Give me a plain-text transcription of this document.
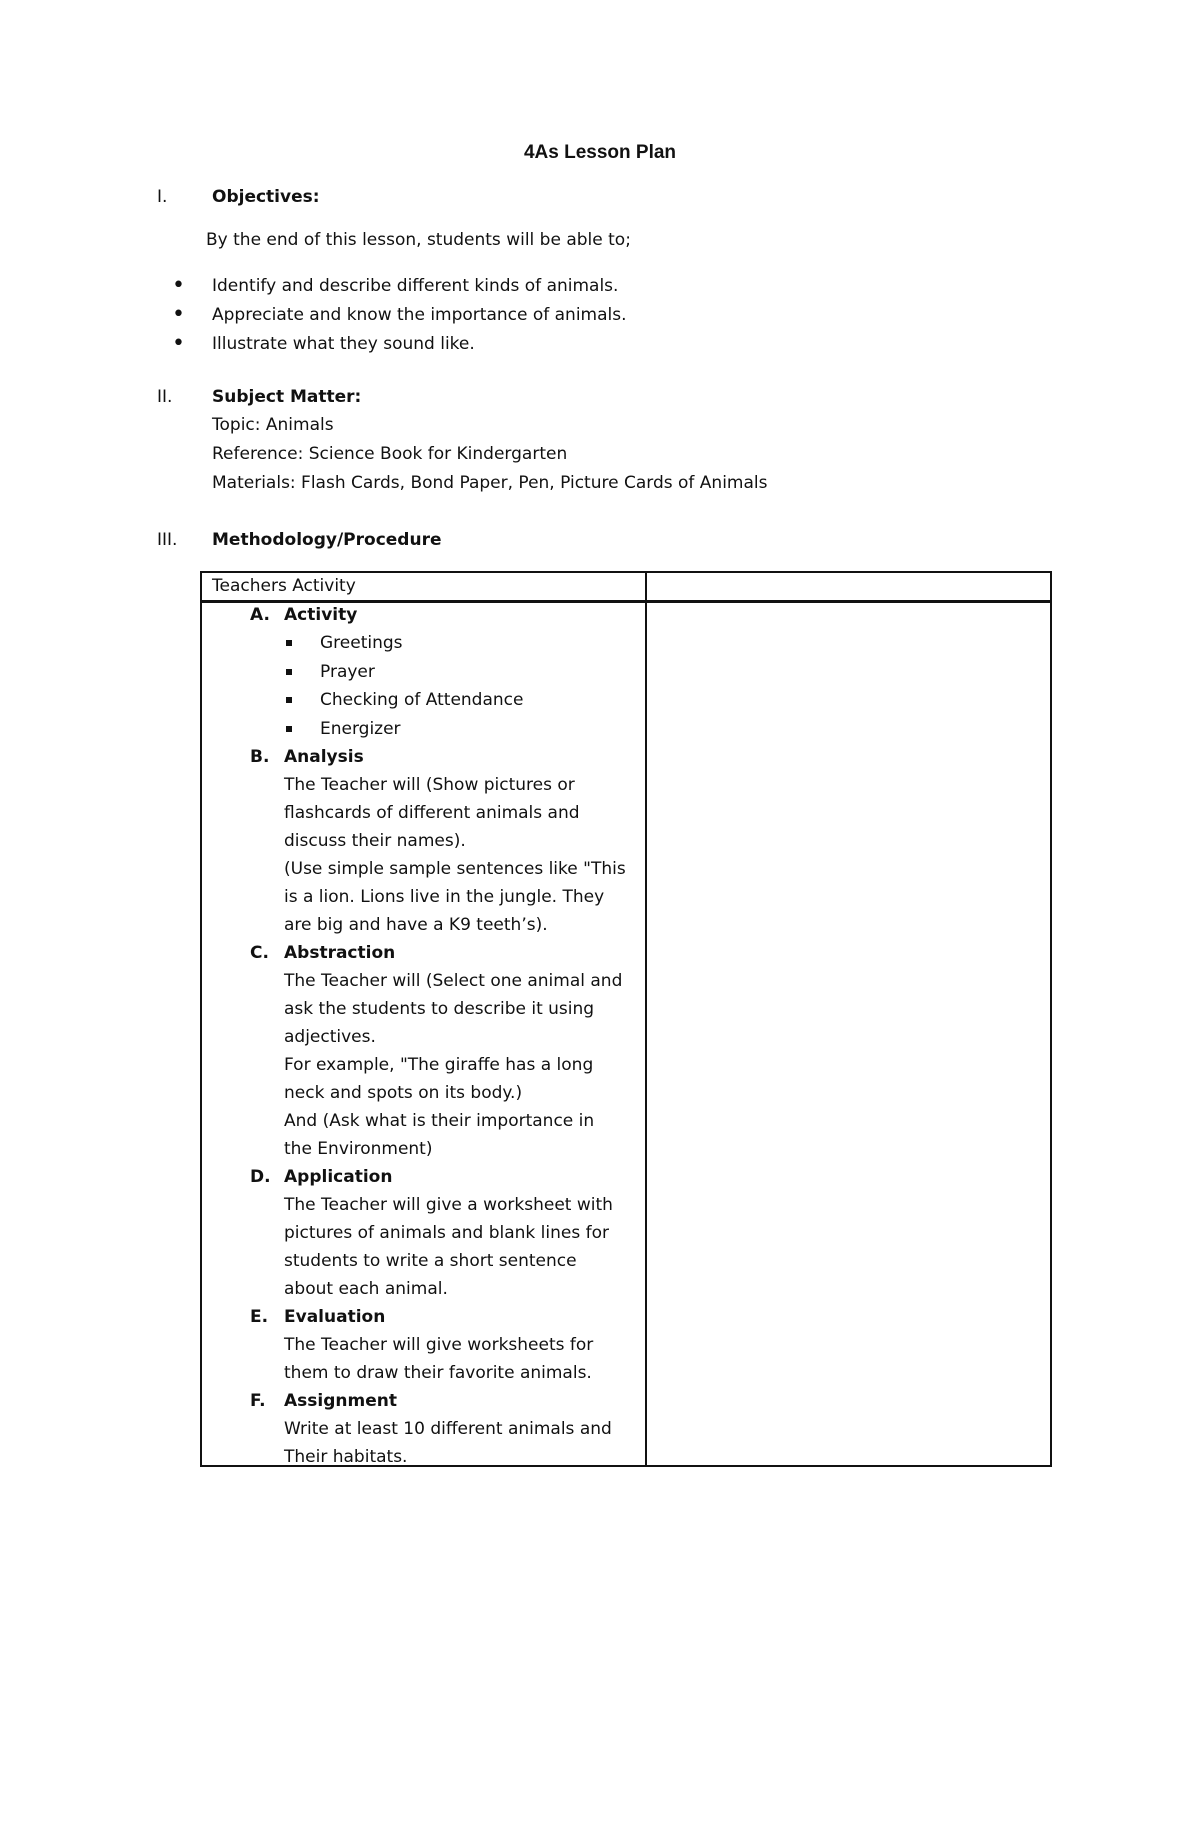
4As Lesson Plan
I.	Objectives:
By the end of this lesson, students will be able to;
• Identify and describe different kinds of animals.
• Appreciate and know the importance of animals.
• Illustrate what they sound like.
II. Subject Matter:
Topic: Animals
Reference: Science Book for Kindergarten
Materials: Flash Cards, Bond Paper, Pen, Picture Cards of Animals
III. Methodology/Procedure
Teachers Activity
A. Activity
Greetings
Prayer
Checking of Attendance
Energizer
B. Analysis
The Teacher will (Show pictures or
flashcards of different animals and
discuss their names).
(Use simple sample sentences like "This
is a lion. Lions live in the jungle. They
are big and have a K9 teeth’s).
C. Abstraction
The Teacher will (Select one animal and
ask the students to describe it using
adjectives.
For example, "The giraffe has a long
neck and spots on its body.)
And (Ask what is their importance in
the Environment)
D. Application
The Teacher will give a worksheet with
pictures of animals and blank lines for
students to write a short sentence
about each animal.
E. Evaluation
The Teacher will give worksheets for
them to draw their favorite animals.
F. Assignment
Write at least 10 different animals and
Their habitats.
